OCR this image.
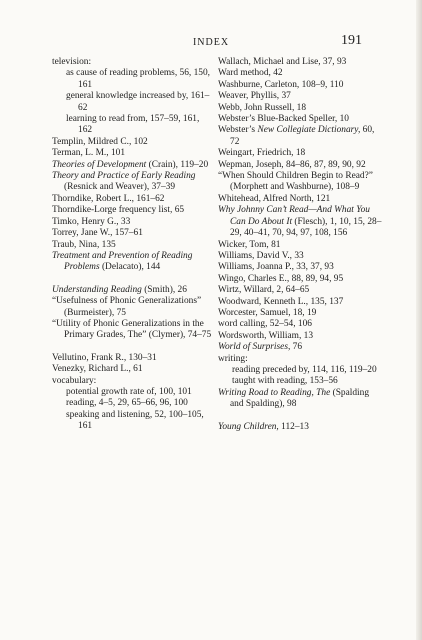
INDEX	191
television:
as cause of reading problems, 56, 150, 161
general knowledge increased by, 161–62
learning to read from, 157–59, 161, 162
Templin, Mildred C., 102
Terman, L. M., 101
Theories of Development (Crain), 119–20
Theory and Practice of Early Reading (Resnick and Weaver), 37–39
Thorndike, Robert L., 161–62
Thorndike-Lorge frequency list, 65
Timko, Henry G., 33
Torrey, Jane W., 157–61
Traub, Nina, 135
Treatment and Prevention of Reading Problems (Delacato), 144
Understanding Reading (Smith), 26
“Usefulness of Phonic Generalizations” (Burmeister), 75
“Utility of Phonic Generalizations in the Primary Grades, The” (Clymer), 74–75
Vellutino, Frank R., 130–31
Venezky, Richard L., 61
vocabulary:
potential growth rate of, 100, 101
reading, 4–5, 29, 65–66, 96, 100
speaking and listening, 52, 100–105, 161
Wallach, Michael and Lise, 37, 93
Ward method, 42
Washburne, Carleton, 108–9, 110
Weaver, Phyllis, 37
Webb, John Russell, 18
Webster’s Blue-Backed Speller, 10
Webster’s New Collegiate Dictionary, 60, 72
Weingart, Friedrich, 18
Wepman, Joseph, 84–86, 87, 89, 90, 92
“When Should Children Begin to Read?” (Morphett and Washburne), 108–9
Whitehead, Alfred North, 121
Why Johnny Can’t Read—And What You Can Do About It (Flesch), 1, 10, 15, 28–29, 40–41, 70, 94, 97, 108, 156
Wicker, Tom, 81
Williams, David V., 33
Williams, Joanna P., 33, 37, 93
Wingo, Charles E., 88, 89, 94, 95
Wirtz, Willard, 2, 64–65
Woodward, Kenneth L., 135, 137
Worcester, Samuel, 18, 19
word calling, 52–54, 106
Wordsworth, William, 13
World of Surprises, 76
writing:
reading preceded by, 114, 116, 119–20
taught with reading, 153–56
Writing Road to Reading, The (Spalding and Spalding), 98
Young Children, 112–13
